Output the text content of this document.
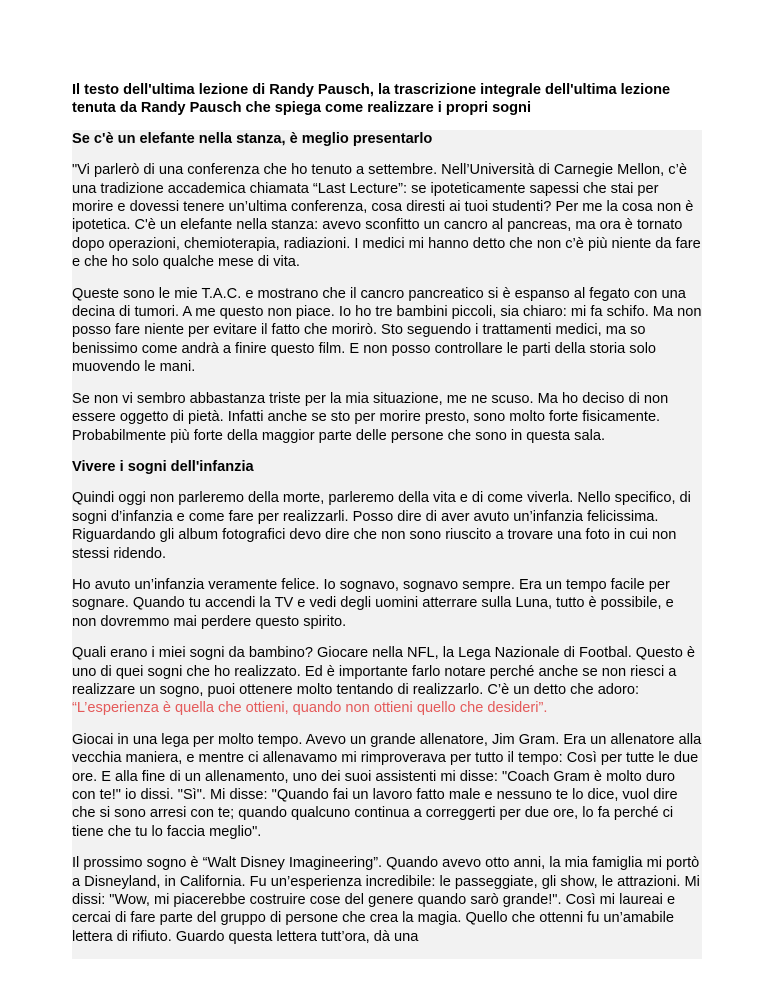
Il testo dell'ultima lezione di Randy Pausch, la trascrizione integrale dell'ultima lezione tenuta da Randy Pausch che spiega come realizzare i propri sogni

Se c'è un elefante nella stanza, è meglio presentarlo

"Vi parlerò di una conferenza che ho tenuto a settembre. Nell’Università di Carnegie Mellon, c’è una tradizione accademica chiamata “Last Lecture”: se ipoteticamente sapessi che stai per morire e dovessi tenere un’ultima conferenza, cosa diresti ai tuoi studenti? Per me la cosa non è ipotetica. C'è un elefante nella stanza: avevo sconfitto un cancro al pancreas, ma ora è tornato dopo operazioni, chemioterapia, radiazioni. I medici mi hanno detto che non c’è più niente da fare e che ho solo qualche mese di vita.

Queste sono le mie T.A.C. e mostrano che il cancro pancreatico si è espanso al fegato con una decina di tumori. A me questo non piace. Io ho tre bambini piccoli, sia chiaro: mi fa schifo. Ma non posso fare niente per evitare il fatto che morirò. Sto seguendo i trattamenti medici, ma so benissimo come andrà a finire questo film. E non posso controllare le parti della storia solo muovendo le mani.

Se non vi sembro abbastanza triste per la mia situazione, me ne scuso. Ma ho deciso di non essere oggetto di pietà. Infatti anche se sto per morire presto, sono molto forte fisicamente. Probabilmente più forte della maggior parte delle persone che sono in questa sala.

Vivere i sogni dell'infanzia

Quindi oggi non parleremo della morte, parleremo della vita e di come viverla. Nello specifico, di sogni d’infanzia e come fare per realizzarli. Posso dire di aver avuto un’infanzia felicissima. Riguardando gli album fotografici devo dire che non sono riuscito a trovare una foto in cui non stessi ridendo.

Ho avuto un’infanzia veramente felice. Io sognavo, sognavo sempre. Era un tempo facile per sognare. Quando tu accendi la TV e vedi degli uomini atterrare sulla Luna, tutto è possibile, e non dovremmo mai perdere questo spirito.

Quali erano i miei sogni da bambino? Giocare nella NFL, la Lega Nazionale di Footbal. Questo è uno di quei sogni che ho realizzato. Ed è importante farlo notare perché anche se non riesci a realizzare un sogno, puoi ottenere molto tentando di realizzarlo. C’è un detto che adoro: “L’esperienza è quella che ottieni, quando non ottieni quello che desideri”.

Giocai in una lega per molto tempo. Avevo un grande allenatore, Jim Gram. Era un allenatore alla vecchia maniera, e mentre ci allenavamo mi rimproverava per tutto il tempo: Così per tutte le due ore. E alla fine di un allenamento, uno dei suoi assistenti mi disse: "Coach Gram è molto duro con te!" io dissi. "Sì". Mi disse: "Quando fai un lavoro fatto male e nessuno te lo dice, vuol dire che si sono arresi con te; quando qualcuno continua a correggerti per due ore, lo fa perché ci tiene che tu lo faccia meglio".

Il prossimo sogno è “Walt Disney Imagineering”. Quando avevo otto anni, la mia famiglia mi portò a Disneyland, in California. Fu un’esperienza incredibile: le passeggiate, gli show, le attrazioni. Mi dissi: "Wow, mi piacerebbe costruire cose del genere quando sarò grande!". Così mi laureai e cercai di fare parte del gruppo di persone che crea la magia. Quello che ottenni fu un’amabile lettera di rifiuto. Guardo questa lettera tutt’ora, dà una
